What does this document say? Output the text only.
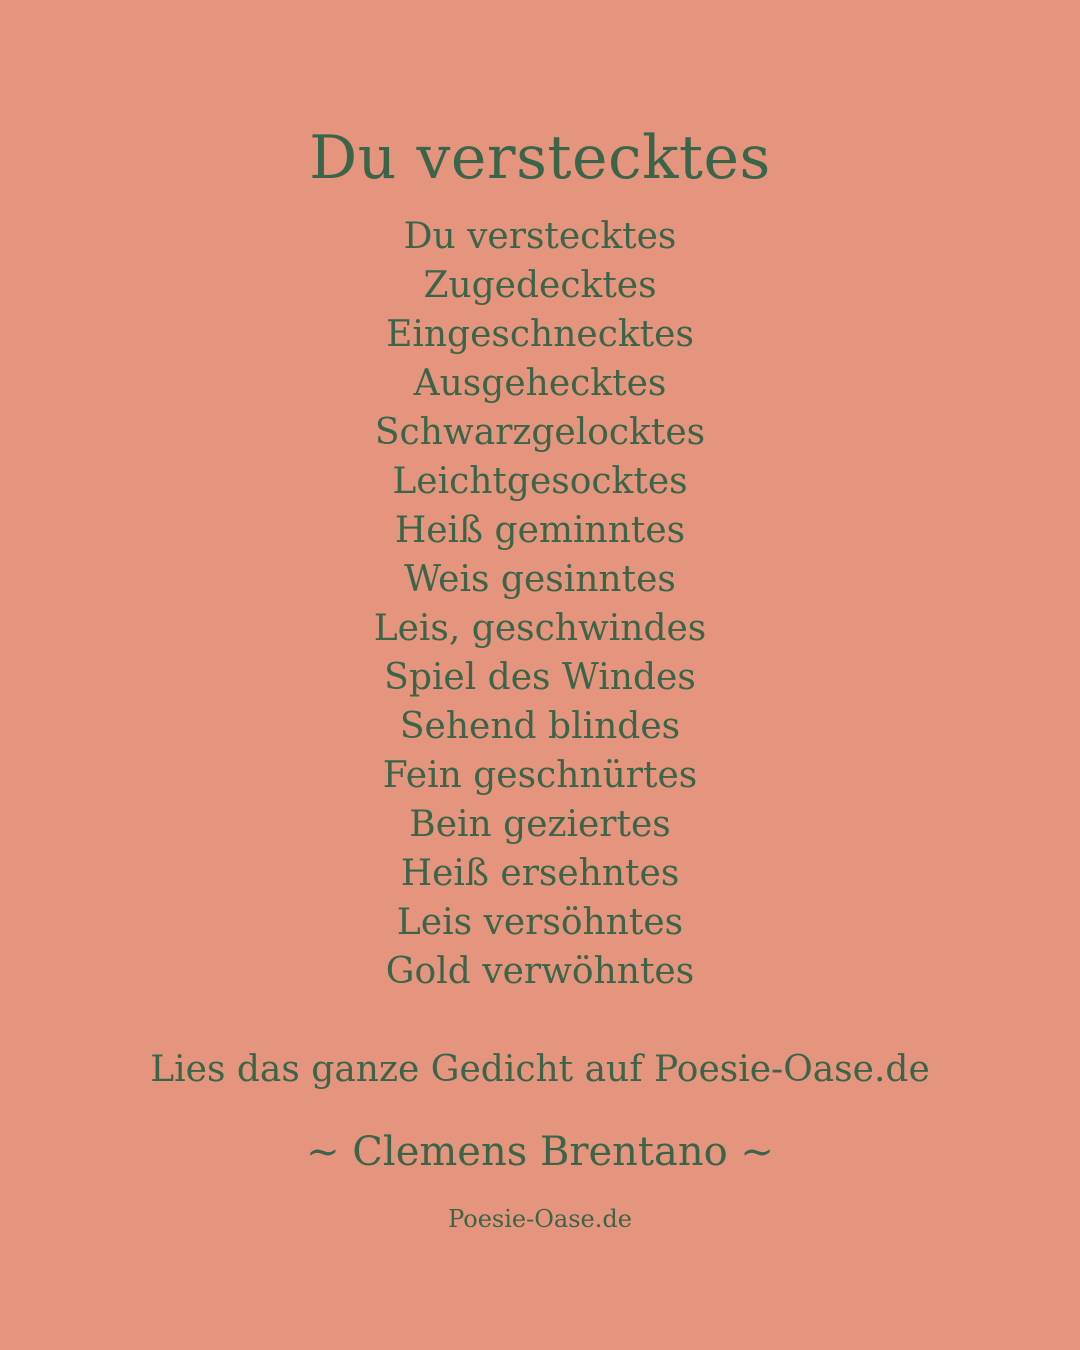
Du verstecktes
Du verstecktes
Zugedecktes
Eingeschnecktes
Ausgehecktes
Schwarzgelocktes
Leichtgesocktes
Heiß geminntes
Weis gesinntes
Leis, geschwindes
Spiel des Windes
Sehend blindes
Fein geschnürtes
Bein geziertes
Heiß ersehntes
Leis versöhntes
Gold verwöhntes
Lies das ganze Gedicht auf Poesie-Oase.de
~ Clemens Brentano ~
Poesie-Oase.de
